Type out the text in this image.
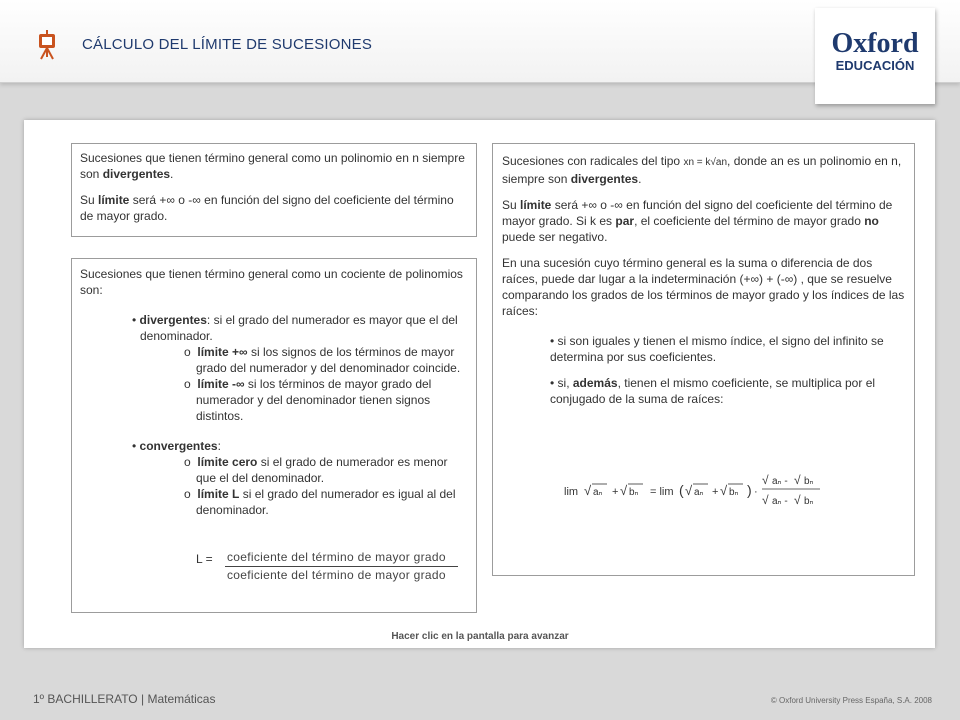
CÁLCULO DEL LÍMITE DE SUCESIONES	Oxford
EDUCACIÓN

Sucesiones que tienen término general como un polinomio en n siempre son divergentes.

Su límite será +∞ o -∞ en función del signo del coeficiente del término de mayor grado.

Sucesiones que tienen término general como un cociente de polinomios son:

• divergentes: si el grado del numerador es mayor que el del denominador.

o límite +∞ si los signos de los términos de mayor grado del numerador y del denominador coincide.

o límite -∞ si los términos de mayor grado del numerador y del denominador tienen signos distintos.

• convergentes:

o límite cero si el grado de numerador es menor que el del denominador.

o límite L si el grado del numerador es igual al del denominador.

L = coeficiente del término de mayor grado
coeficiente del término de mayor grado

Sucesiones con radicales del tipo xn = k√an, donde an es un polinomio en n, siempre son divergentes.

Su límite será +∞ o -∞ en función del signo del coeficiente del término de mayor grado. Si k es par, el coeficiente del término de mayor grado no puede ser negativo.

En una sucesión cuyo término general es la suma o diferencia de dos raíces, puede dar lugar a la indeterminación (+∞) + (-∞) , que se resuelve comparando los grados de los términos de mayor grado y los índices de las raíces:

• si son iguales y tienen el mismo índice, el signo del infinito se determina por sus coeficientes.

• si, además, tienen el mismo coeficiente, se multiplica por el conjugado de la suma de raíces:

lim √ aₙ + √ bₙ = lim ( √ aₙ + √ bₙ ) ·
√ aₙ - √ bₙ
√ aₙ - √ bₙ
Hacer clic en la pantalla para avanzar
1º BACHILLERATO | Matemáticas	© Oxford University Press España, S.A. 2008
